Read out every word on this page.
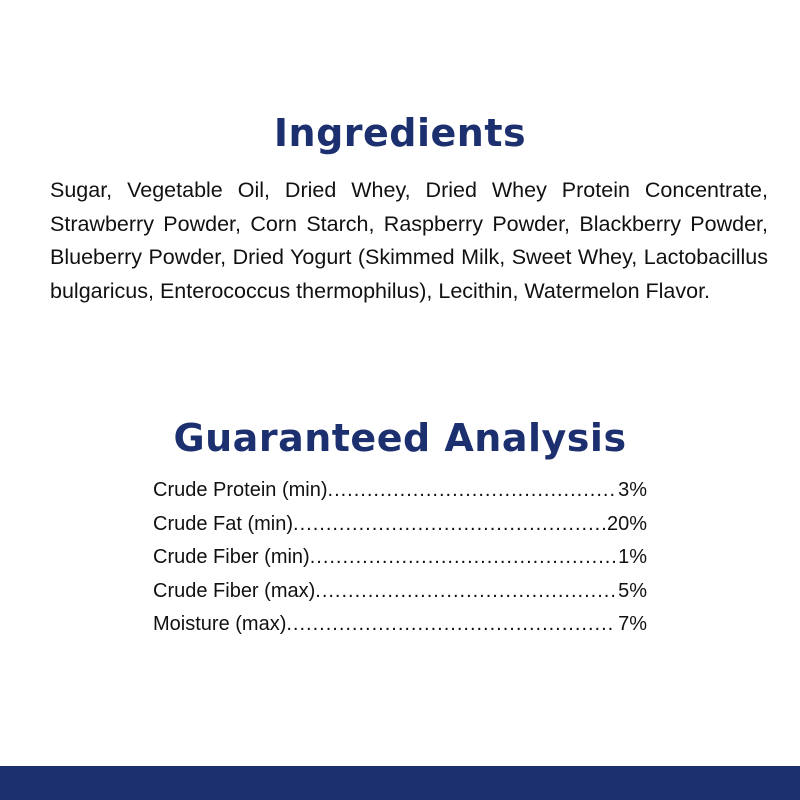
Ingredients

Sugar, Vegetable Oil, Dried Whey, Dried Whey Protein Concentrate, Strawberry Powder, Corn Starch, Raspberry Powder, Blackberry Powder, Blueberry Powder, Dried Yogurt (Skimmed Milk, Sweet Whey, Lactobacillus bulgaricus, Enterococcus thermophilus), Lecithin, Watermelon Flavor.

Guaranteed Analysis
Crude Protein (min) .....	3%
Crude Fat (min) .....	20%
Crude Fiber (min) .....	1%
Crude Fiber (max) .....	5%
Moisture (max) .....	7%
